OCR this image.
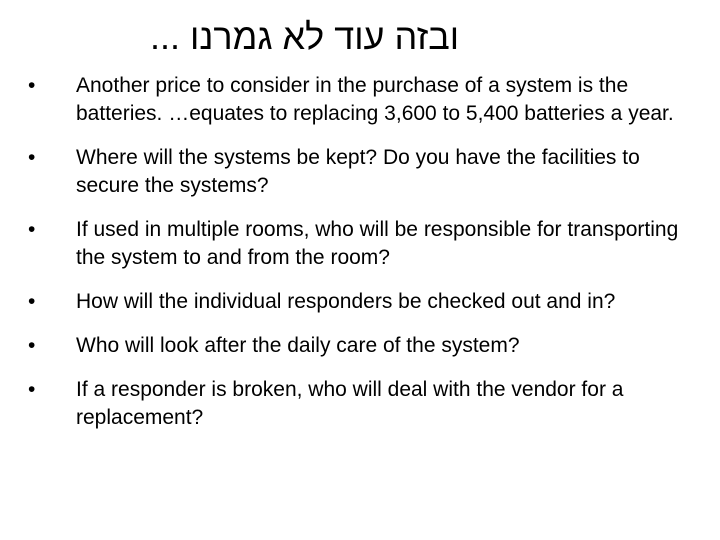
ובזה עוד לא גמרנו ...
•	Another price to consider in the purchase of a system is the batteries. …equates to replacing 3,600 to 5,400 batteries a year.
•	Where will the systems be kept? Do you have the facilities to secure the systems?
•	If used in multiple rooms, who will be responsible for transporting the system to and from the room?
•	How will the individual responders be checked out and in?
•	Who will look after the daily care of the system?
•	If a responder is broken, who will deal with the vendor for a replacement?
